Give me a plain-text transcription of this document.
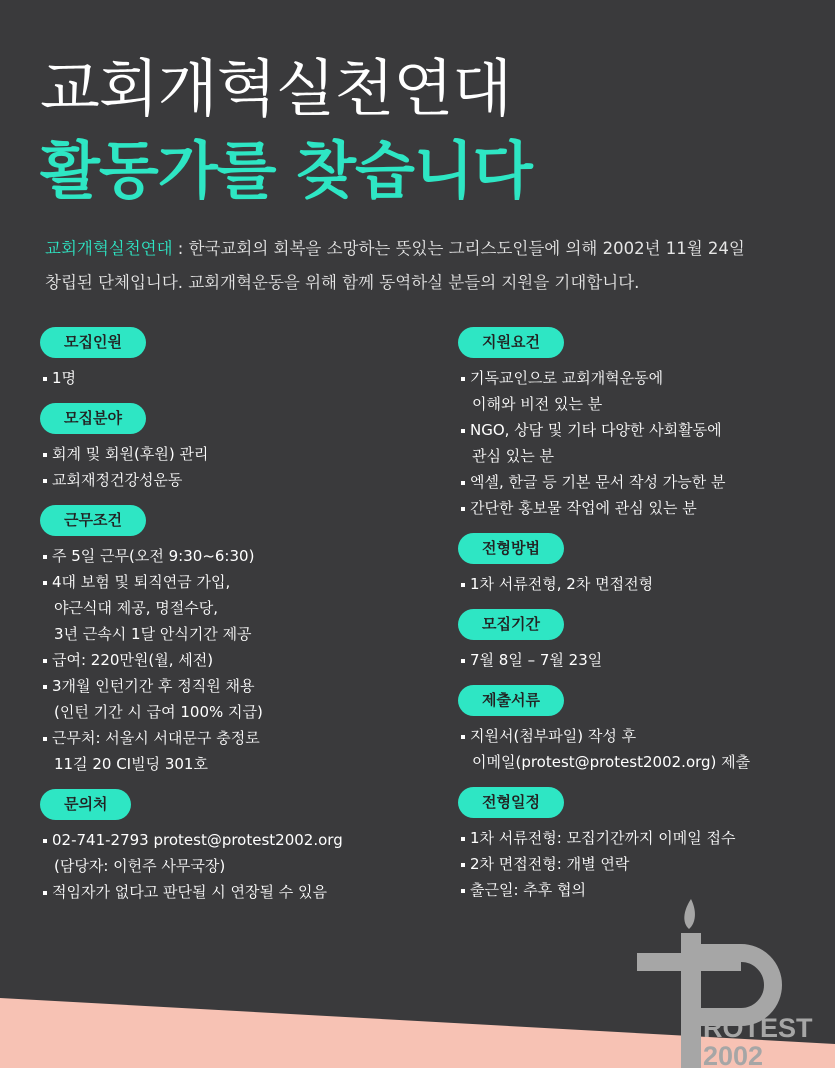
교회개혁실천연대
활동가를 찾습니다

교회개혁실천연대 : 한국교회의 회복을 소망하는 뜻있는 그리스도인들에 의해 2002년 11월 24일
창립된 단체입니다. 교회개혁운동을 위해 함께 동역하실 분들의 지원을 기대합니다.

모집인원
1명
모집분야
회계 및 회원(후원) 관리
교회재정건강성운동
근무조건
주 5일 근무(오전 9:30~6:30)
4대 보험 및 퇴직연금 가입,
야근식대 제공, 명절수당,
3년 근속시 1달 안식기간 제공
급여: 220만원(월, 세전)
3개월 인턴기간 후 정직원 채용
(인턴 기간 시 급여 100% 지급)
근무처: 서울시 서대문구 충정로
11길 20 CI빌딩 301호
문의처
02-741-2793 protest@protest2002.org
(담당자: 이헌주 사무국장)
적임자가 없다고 판단될 시 연장될 수 있음
지원요건
기독교인으로 교회개혁운동에
이해와 비전 있는 분
NGO, 상담 및 기타 다양한 사회활동에
관심 있는 분
엑셀, 한글 등 기본 문서 작성 가능한 분
간단한 홍보물 작업에 관심 있는 분
전형방법
1차 서류전형, 2차 면접전형
모집기간
7월 8일 – 7월 23일
제출서류
지원서(첨부파일) 작성 후
이메일(protest@protest2002.org) 제출
전형일정
1차 서류전형: 모집기간까지 이메일 접수
2차 면접전형: 개별 연락
출근일: 추후 협의
ROTEST
2002
